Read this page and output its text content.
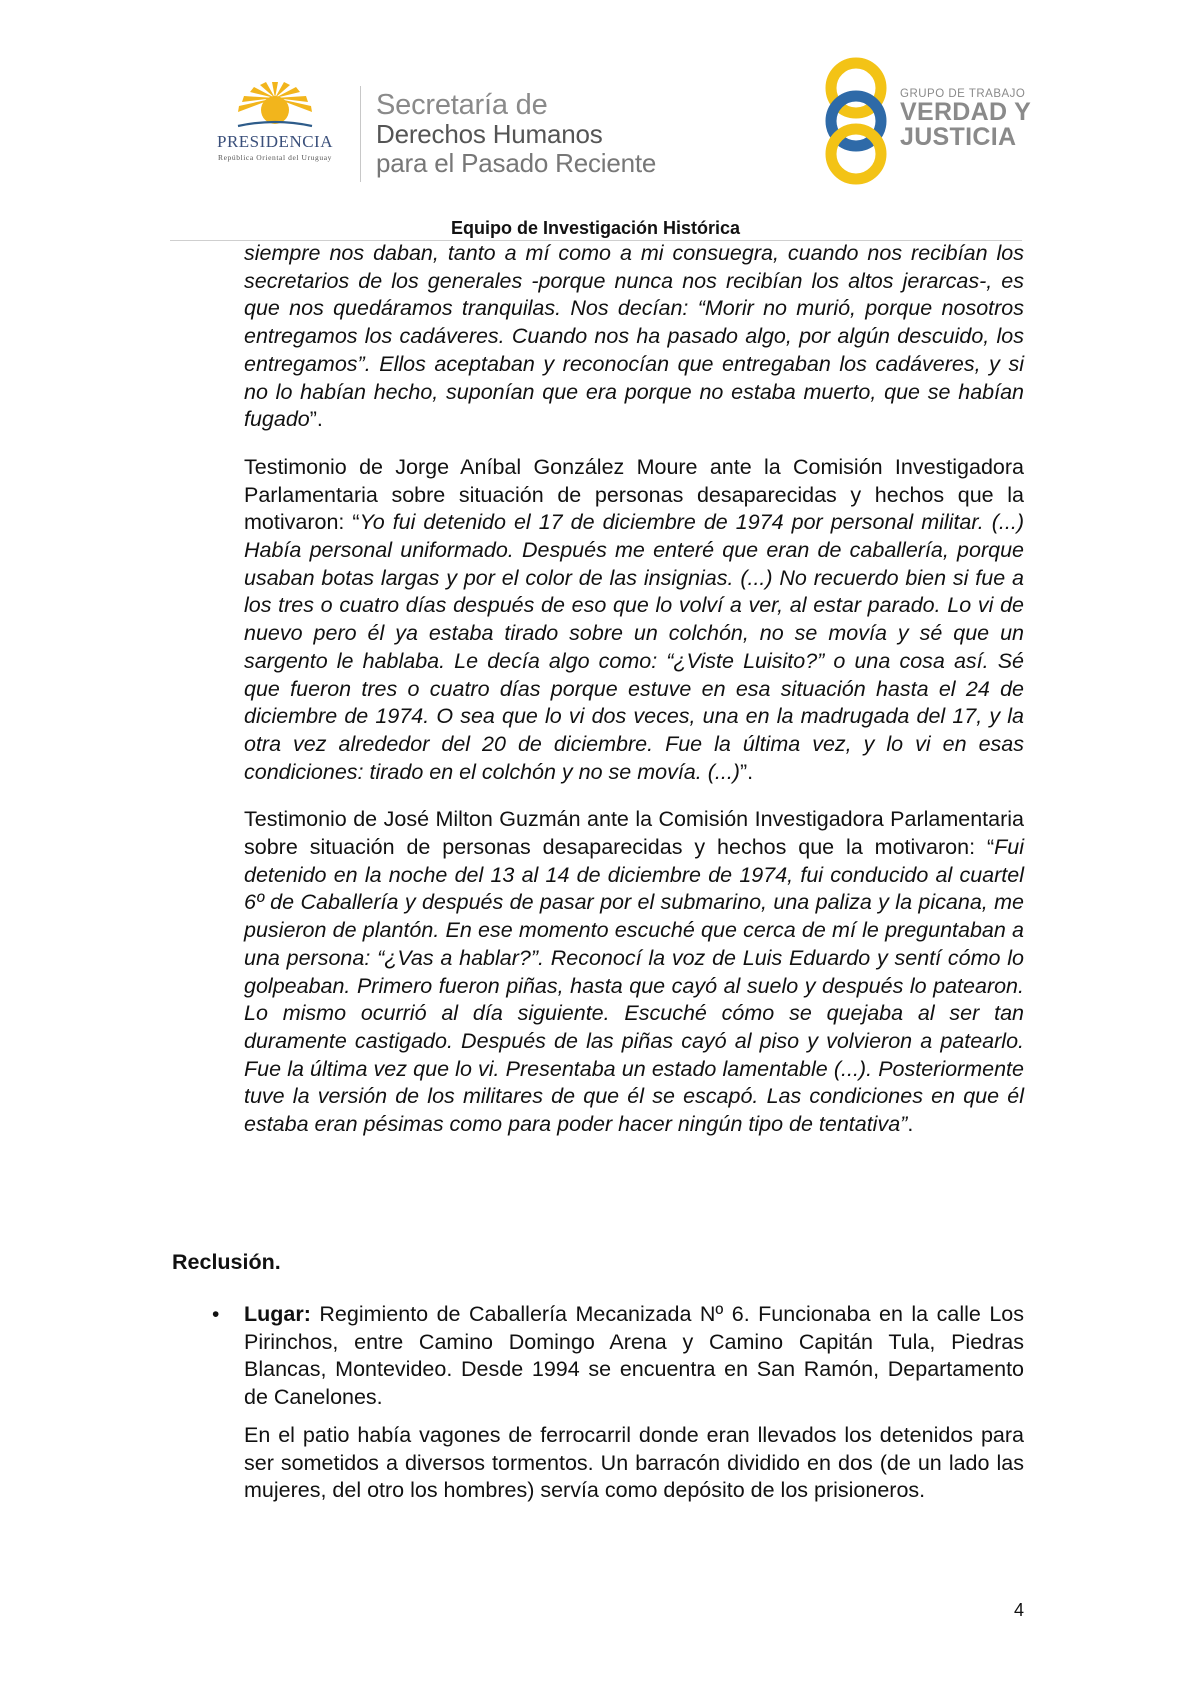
PRESIDENCIA
República Oriental del Uruguay
Secretaría de
Derechos Humanos
para el Pasado Reciente
GRUPO DE TRABAJO
VERDAD Y
JUSTICIA
Equipo de Investigación Histórica

siempre nos daban, tanto a mí como a mi consuegra, cuando nos recibían los secretarios de los generales -porque nunca nos recibían los altos jerarcas-, es que nos quedáramos tranquilas. Nos decían: “Morir no murió, porque nosotros entregamos los cadáveres. Cuando nos ha pasado algo, por algún descuido, los entregamos”. Ellos aceptaban y reconocían que entregaban los cadáveres, y si no lo habían hecho, suponían que era porque no estaba muerto, que se habían fugado”.

Testimonio de Jorge Aníbal González Moure ante la Comisión Investigadora Parlamentaria sobre situación de personas desaparecidas y hechos que la motivaron: “Yo fui detenido el 17 de diciembre de 1974 por personal militar. (...) Había personal uniformado. Después me enteré que eran de caballería, porque usaban botas largas y por el color de las insignias. (...) No recuerdo bien si fue a los tres o cuatro días después de eso que lo volví a ver, al estar parado. Lo vi de nuevo pero él ya estaba tirado sobre un colchón, no se movía y sé que un sargento le hablaba. Le decía algo como: “¿Viste Luisito?” o una cosa así. Sé que fueron tres o cuatro días porque estuve en esa situación hasta el 24 de diciembre de 1974. O sea que lo vi dos veces, una en la madrugada del 17, y la otra vez alrededor del 20 de diciembre. Fue la última vez, y lo vi en esas condiciones: tirado en el colchón y no se movía. (...)”.

Testimonio de José Milton Guzmán ante la Comisión Investigadora Parlamentaria sobre situación de personas desaparecidas y hechos que la motivaron: “Fui detenido en la noche del 13 al 14 de diciembre de 1974, fui conducido al cuartel 6º de Caballería y después de pasar por el submarino, una paliza y la picana, me pusieron de plantón. En ese momento escuché que cerca de mí le preguntaban a una persona: “¿Vas a hablar?”. Reconocí la voz de Luis Eduardo y sentí cómo lo golpeaban. Primero fueron piñas, hasta que cayó al suelo y después lo patearon. Lo mismo ocurrió al día siguiente. Escuché cómo se quejaba al ser tan duramente castigado. Después de las piñas cayó al piso y volvieron a patearlo. Fue la última vez que lo vi. Presentaba un estado lamentable (...). Posteriormente tuve la versión de los militares de que él se escapó. Las condiciones en que él estaba eran pésimas como para poder hacer ningún tipo de tentativa”.

Reclusión.
• Lugar: Regimiento de Caballería Mecanizada Nº 6. Funcionaba en la calle Los Pirinchos, entre Camino Domingo Arena y Camino Capitán Tula, Piedras Blancas, Montevideo. Desde 1994 se encuentra en San Ramón, Departamento de Canelones.

En el patio había vagones de ferrocarril donde eran llevados los detenidos para ser sometidos a diversos tormentos. Un barracón dividido en dos (de un lado las mujeres, del otro los hombres) servía como depósito de los prisioneros.

4
